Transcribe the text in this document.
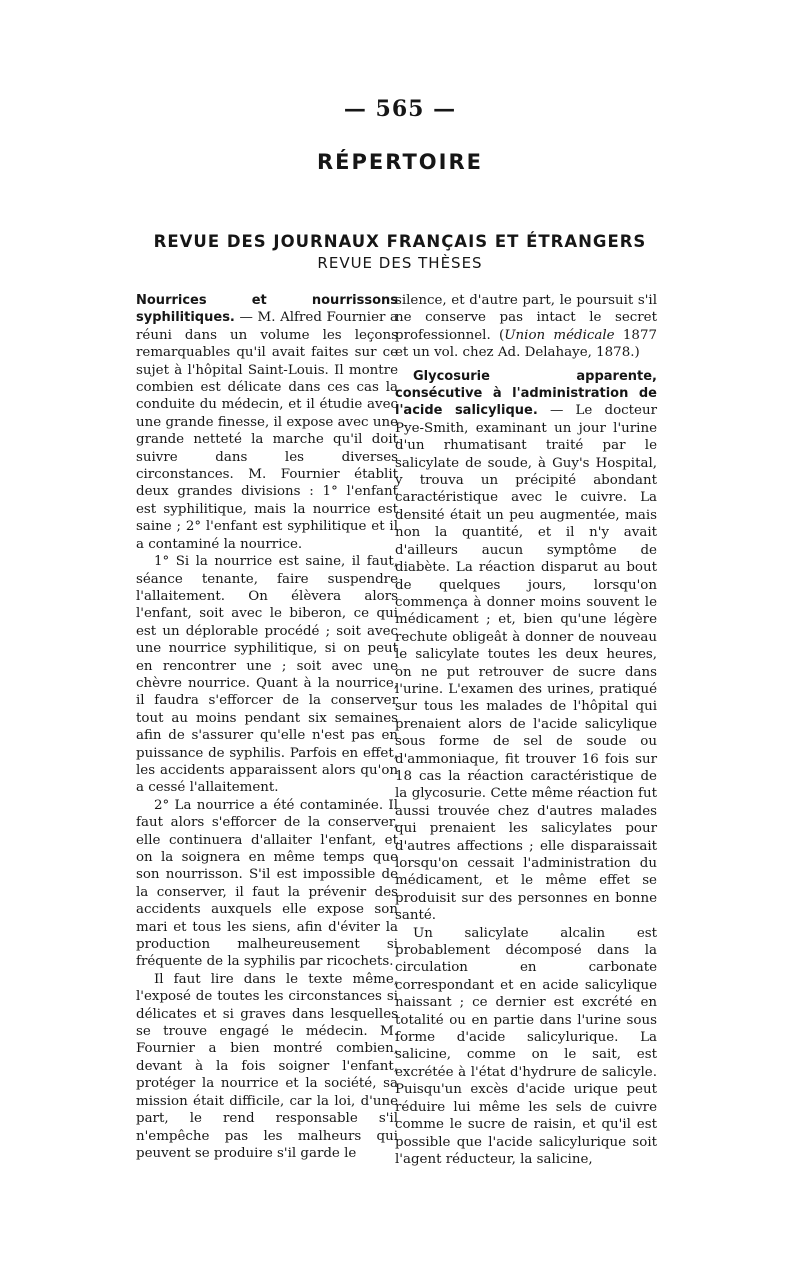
— 565 —
RÉPERTOIRE
REVUE DES JOURNAUX FRANÇAIS ET ÉTRANGERS
REVUE DES THÈSES

Nourrices et nourrissons syphilitiques. — M. Alfred Fournier a réuni dans un volume les leçons remarquables qu'il avait faites sur ce sujet à l'hôpital Saint-Louis. Il montre combien est délicate dans ces cas la conduite du médecin, et il étudie avec une grande finesse, il expose avec une grande netteté la marche qu'il doit suivre dans les diverses circonstances. M. Fournier établit deux grandes divisions : 1° l'enfant est syphilitique, mais la nourrice est saine ; 2° l'enfant est syphilitique et il a contaminé la nourrice.

1° Si la nourrice est saine, il faut, séance tenante, faire suspendre l'allaitement. On élèvera alors l'enfant, soit avec le biberon, ce qui est un déplorable procédé ; soit avec une nourrice syphilitique, si on peut en rencontrer une ; soit avec une chèvre nourrice. Quant à la nourrice, il faudra s'efforcer de la conserver tout au moins pendant six semaines afin de s'assurer qu'elle n'est pas en puissance de syphilis. Parfois en effet, les accidents apparaissent alors qu'on a cessé l'allaitement.

2° La nourrice a été contaminée. Il faut alors s'efforcer de la conserver, elle continuera d'allaiter l'enfant, et on la soignera en même temps que son nourrisson. S'il est impossible de la conserver, il faut la prévenir des accidents auxquels elle expose son mari et tous les siens, afin d'éviter la production malheureusement si fréquente de la syphilis par ricochets.

Il faut lire dans le texte même, l'exposé de toutes les circonstances si délicates et si graves dans lesquelles se trouve engagé le médecin. M. Fournier a bien montré combien, devant à la fois soigner l'enfant, protéger la nourrice et la société, sa mission était difficile, car la loi, d'une part, le rend responsable s'il n'empêche pas les malheurs qui peuvent se produire s'il garde le

silence, et d'autre part, le poursuit s'il ne conserve pas intact le secret professionnel. (Union médicale 1877 et un vol. chez Ad. Delahaye, 1878.)

Glycosurie apparente, consécutive à l'administration de l'acide salicylique. — Le docteur Pye-Smith, examinant un jour l'urine d'un rhumatisant traité par le salicylate de soude, à Guy's Hospital, y trouva un précipité abondant caractéristique avec le cuivre. La densité était un peu augmentée, mais non la quantité, et il n'y avait d'ailleurs aucun symptôme de diabète. La réaction disparut au bout de quelques jours, lorsqu'on commença à donner moins souvent le médicament ; et, bien qu'une légère rechute obligeât à donner de nouveau le salicylate toutes les deux heures, on ne put retrouver de sucre dans l'urine. L'examen des urines, pratiqué sur tous les malades de l'hôpital qui prenaient alors de l'acide salicylique sous forme de sel de soude ou d'ammoniaque, fit trouver 16 fois sur 18 cas la réaction caractéristique de la glycosurie. Cette même réaction fut aussi trouvée chez d'autres malades qui prenaient les salicylates pour d'autres affections ; elle disparaissait lorsqu'on cessait l'administration du médicament, et le même effet se produisit sur des personnes en bonne santé.

Un salicylate alcalin est probablement décomposé dans la circulation en carbonate correspondant et en acide salicylique naissant ; ce dernier est excrété en totalité ou en partie dans l'urine sous forme d'acide salicylurique. La salicine, comme on le sait, est excrétée à l'état d'hydrure de salicyle. Puisqu'un excès d'acide urique peut réduire lui même les sels de cuivre comme le sucre de raisin, et qu'il est possible que l'acide salicylurique soit l'agent réducteur, la salicine,
